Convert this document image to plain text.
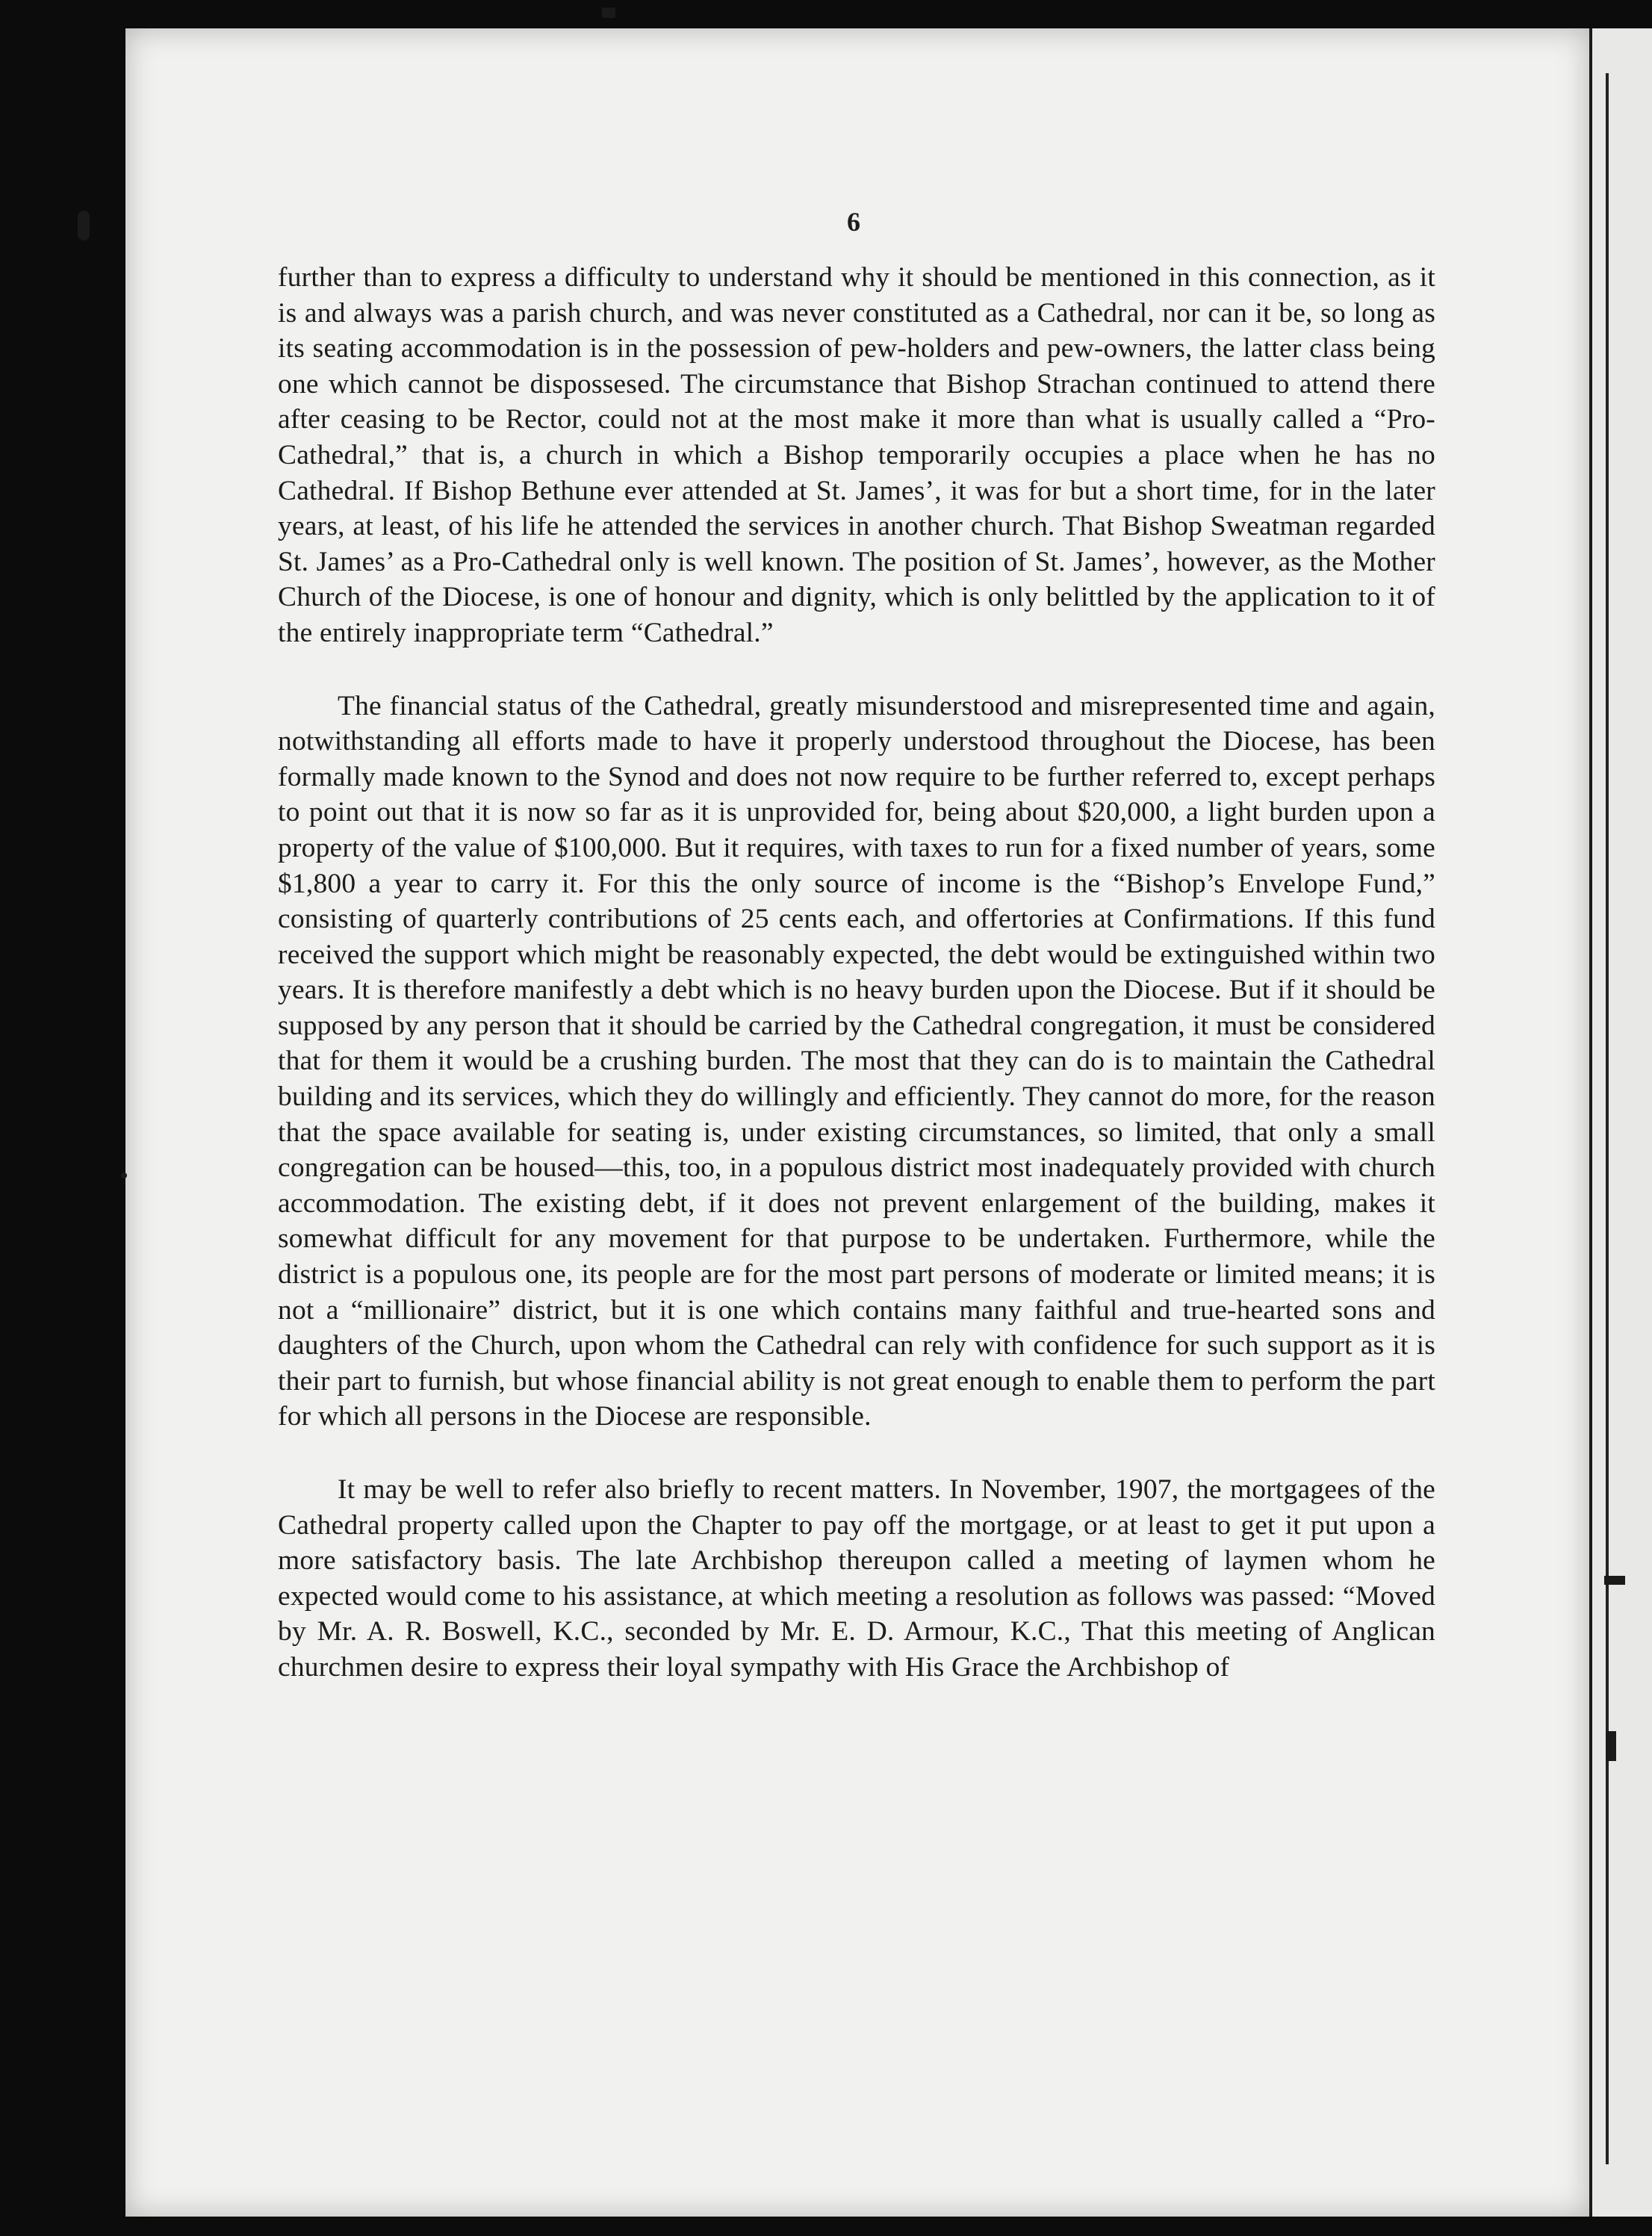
6

further than to express a difficulty to understand why it should be mentioned in this connection, as it is and always was a parish church, and was never constituted as a Cathedral, nor can it be, so long as its seating accommodation is in the possession of pew-holders and pew-owners, the latter class being one which cannot be dispossesed. The circumstance that Bishop Strachan continued to attend there after ceasing to be Rector, could not at the most make it more than what is usually called a “Pro-Cathedral,” that is, a church in which a Bishop temporarily occupies a place when he has no Cathedral. If Bishop Bethune ever attended at St. James’, it was for but a short time, for in the later years, at least, of his life he attended the services in another church. That Bishop Sweatman regarded St. James’ as a Pro-Cathedral only is well known. The position of St. James’, however, as the Mother Church of the Diocese, is one of honour and dignity, which is only belittled by the application to it of the entirely inappropriate term “Cathedral.”

The financial status of the Cathedral, greatly misunderstood and misrepresented time and again, notwithstanding all efforts made to have it properly understood throughout the Diocese, has been formally made known to the Synod and does not now require to be further referred to, except perhaps to point out that it is now so far as it is unprovided for, being about $20,000, a light burden upon a property of the value of $100,000. But it requires, with taxes to run for a fixed number of years, some $1,800 a year to carry it. For this the only source of income is the “Bishop’s Envelope Fund,” consisting of quarterly contributions of 25 cents each, and offertories at Confirmations. If this fund received the support which might be reasonably expected, the debt would be extinguished within two years. It is therefore manifestly a debt which is no heavy burden upon the Diocese. But if it should be supposed by any person that it should be carried by the Cathedral congregation, it must be considered that for them it would be a crushing burden. The most that they can do is to maintain the Cathedral building and its services, which they do willingly and efficiently. They cannot do more, for the reason that the space available for seating is, under existing circumstances, so limited, that only a small congregation can be housed—this, too, in a populous district most inadequately provided with church accommodation. The existing debt, if it does not prevent enlargement of the building, makes it somewhat difficult for any movement for that purpose to be undertaken. Furthermore, while the district is a populous one, its people are for the most part persons of moderate or limited means; it is not a “millionaire” district, but it is one which contains many faithful and true-hearted sons and daughters of the Church, upon whom the Cathedral can rely with confidence for such support as it is their part to furnish, but whose financial ability is not great enough to enable them to perform the part for which all persons in the Diocese are responsible.

It may be well to refer also briefly to recent matters. In November, 1907, the mortgagees of the Cathedral property called upon the Chapter to pay off the mortgage, or at least to get it put upon a more satisfactory basis. The late Archbishop thereupon called a meeting of laymen whom he expected would come to his assistance, at which meeting a resolution as follows was passed: “Moved by Mr. A. R. Boswell, K.C., seconded by Mr. E. D. Armour, K.C., That this meeting of Anglican churchmen desire to express their loyal sympathy with His Grace the Archbishop of
